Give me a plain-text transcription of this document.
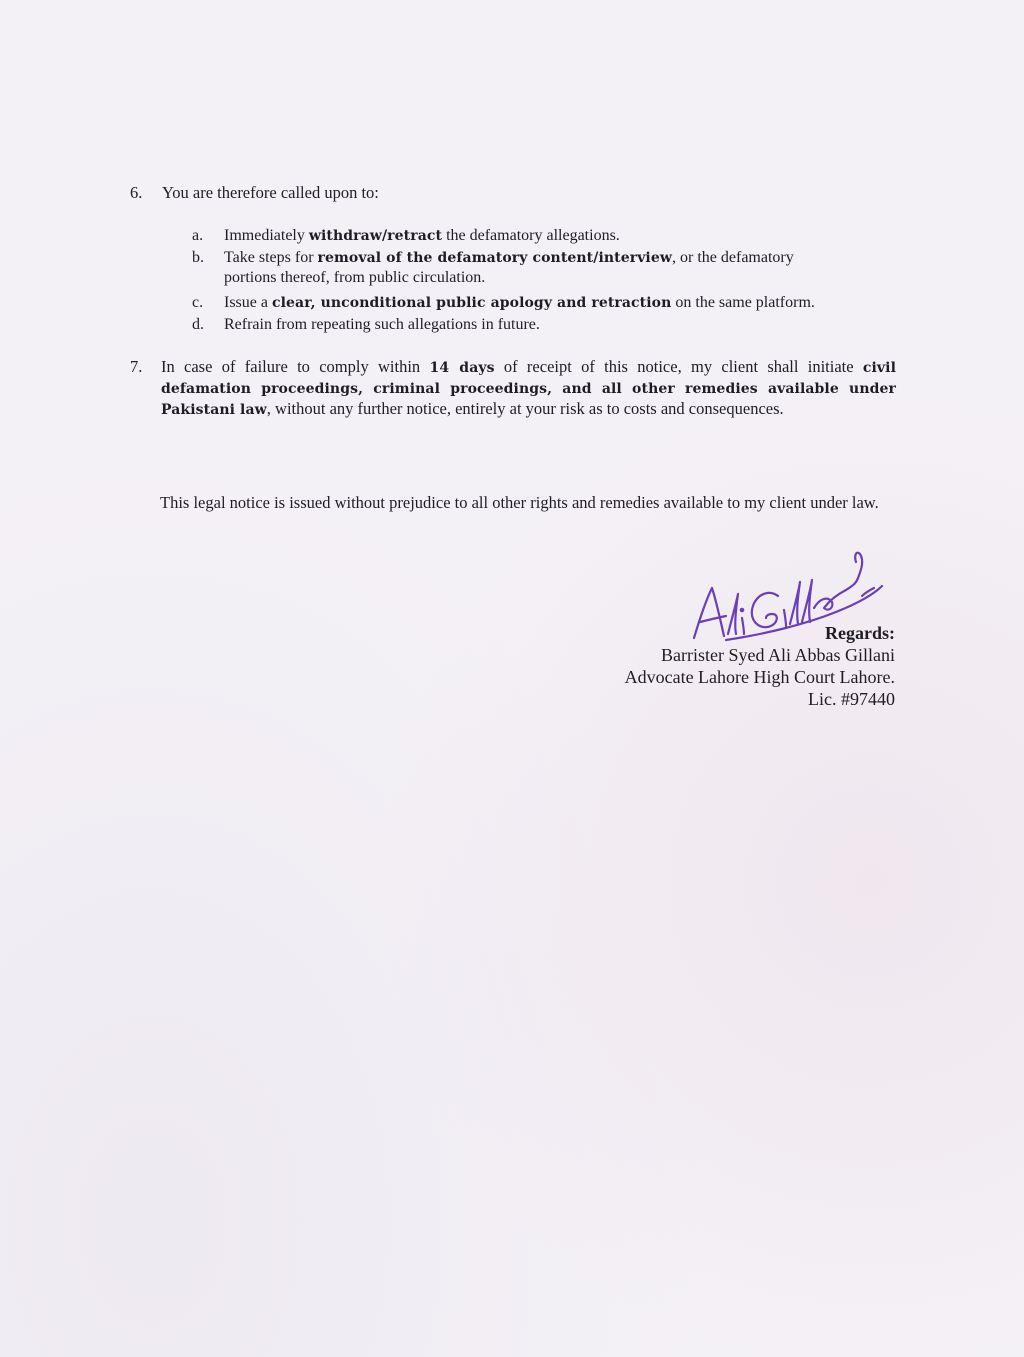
6. You are therefore called upon to:
a.	Immediately withdraw/retract the defamatory allegations.
b.	Take steps for removal of the defamatory content/interview, or the defamatory portions thereof, from public circulation.
c.	Issue a clear, unconditional public apology and retraction on the same platform.
d.	Refrain from repeating such allegations in future.
7. In case of failure to comply within 14 days of receipt of this notice, my client shall initiate civil defamation proceedings, criminal proceedings, and all other remedies available under Pakistani law, without any further notice, entirely at your risk as to costs and consequences.
This legal notice is issued without prejudice to all other rights and remedies available to my client under law.
Regards:
Barrister Syed Ali Abbas Gillani
Advocate Lahore High Court Lahore.
Lic. #97440
